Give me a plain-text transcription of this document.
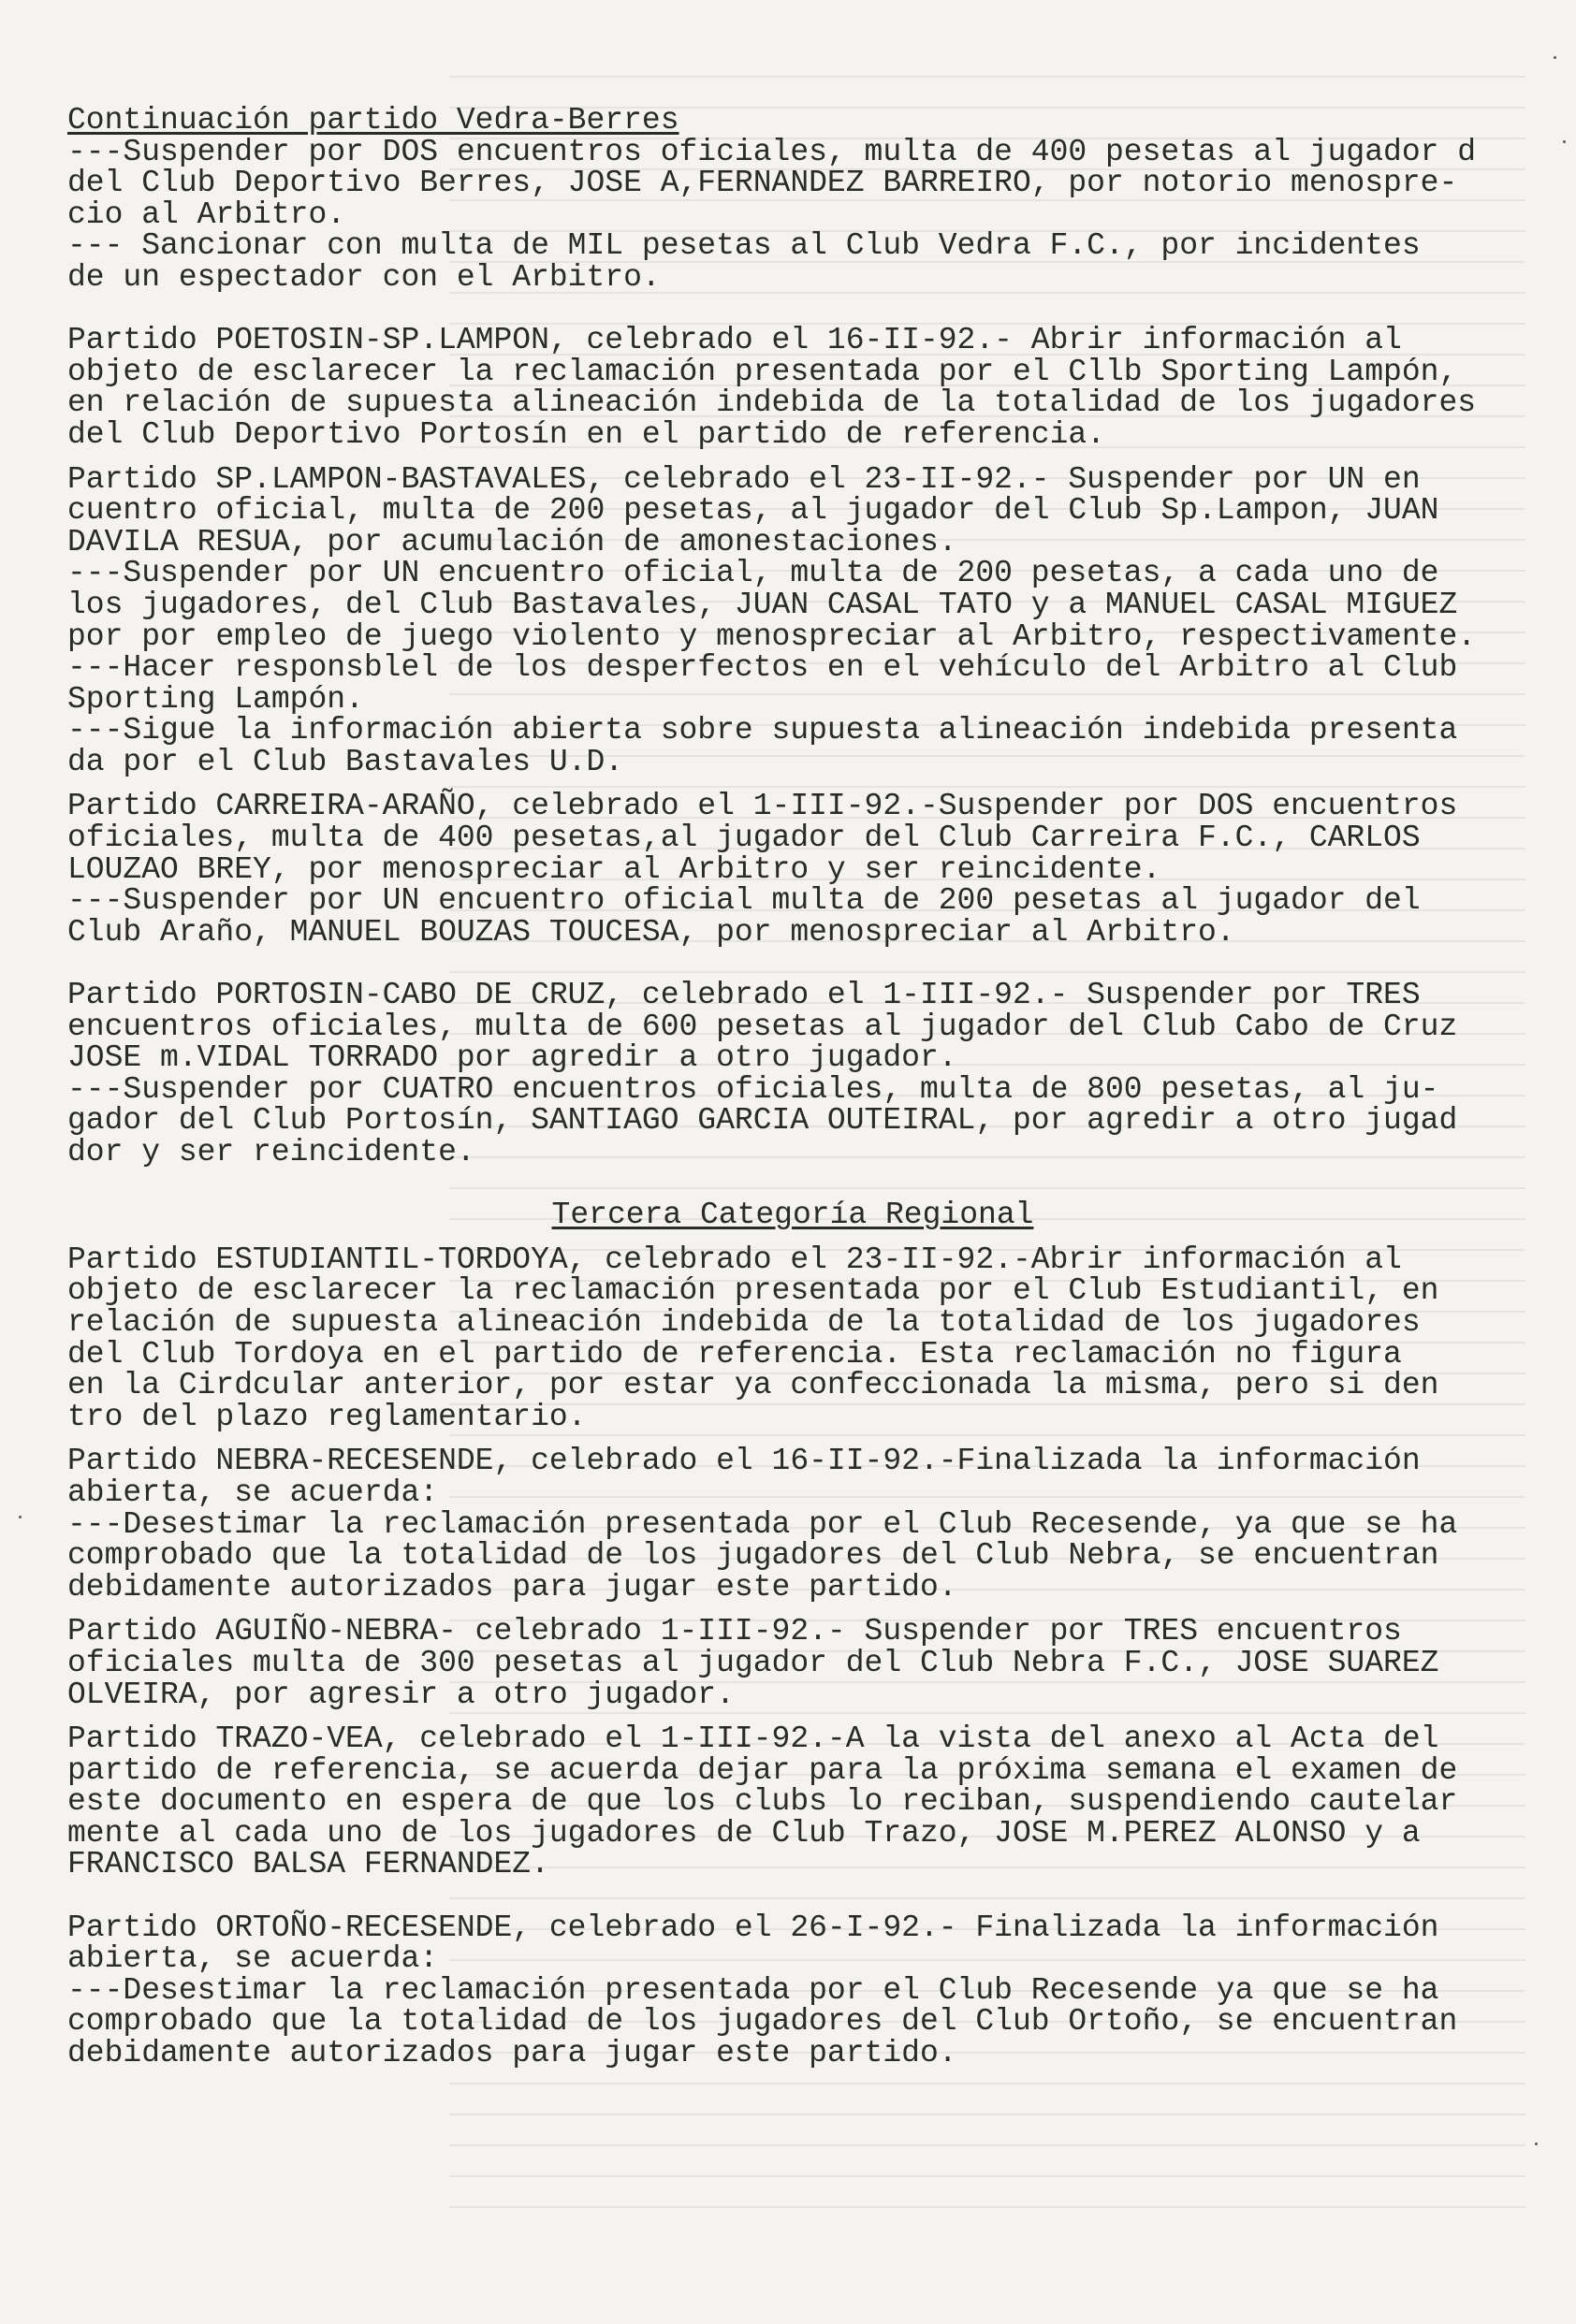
Continuación partido Vedra-Berres
---Suspender por DOS encuentros oficiales, multa de 400 pesetas al jugador d
del Club Deportivo Berres, JOSE A,FERNANDEZ BARREIRO, por notorio menospre-
cio al Arbitro.
--- Sancionar con multa de MIL pesetas al Club Vedra F.C., por incidentes
de un espectador con el Arbitro.
Partido POETOSIN-SP.LAMPON, celebrado el 16-II-92.- Abrir información al
objeto de esclarecer la reclamación presentada por el Cllb Sporting Lampón,
en relación de supuesta alineación indebida de la totalidad de los jugadores
del Club Deportivo Portosín en el partido de referencia.
Partido SP.LAMPON-BASTAVALES, celebrado el 23-II-92.- Suspender por UN en
cuentro oficial, multa de 200 pesetas, al jugador del Club Sp.Lampon, JUAN
DAVILA RESUA, por acumulación de amonestaciones.
---Suspender por UN encuentro oficial, multa de 200 pesetas, a cada uno de
los jugadores, del Club Bastavales, JUAN CASAL TATO y a MANUEL CASAL MIGUEZ
por por empleo de juego violento y menospreciar al Arbitro, respectivamente.
---Hacer responsblel de los desperfectos en el vehículo del Arbitro al Club
Sporting Lampón.
---Sigue la información abierta sobre supuesta alineación indebida presenta
da por el Club Bastavales U.D.
Partido CARREIRA-ARAÑO, celebrado el 1-III-92.-Suspender por DOS encuentros
oficiales, multa de 400 pesetas,al jugador del Club Carreira F.C., CARLOS
LOUZAO BREY, por menospreciar al Arbitro y ser reincidente.
---Suspender por UN encuentro oficial multa de 200 pesetas al jugador del
Club Araño, MANUEL BOUZAS TOUCESA, por menospreciar al Arbitro.
Partido PORTOSIN-CABO DE CRUZ, celebrado el 1-III-92.- Suspender por TRES
encuentros oficiales, multa de 600 pesetas al jugador del Club Cabo de Cruz
JOSE m.VIDAL TORRADO por agredir a otro jugador.
---Suspender por CUATRO encuentros oficiales, multa de 800 pesetas, al ju-
gador del Club Portosín, SANTIAGO GARCIA OUTEIRAL, por agredir a otro jugad
dor y ser reincidente.
Tercera Categoría Regional
Partido ESTUDIANTIL-TORDOYA, celebrado el 23-II-92.-Abrir información al
objeto de esclarecer la reclamación presentada por el Club Estudiantil, en
relación de supuesta alineación indebida de la totalidad de los jugadores
del Club Tordoya en el partido de referencia. Esta reclamación no figura
en la Cirdcular anterior, por estar ya confeccionada la misma, pero si den
tro del plazo reglamentario.
Partido NEBRA-RECESENDE, celebrado el 16-II-92.-Finalizada la información
abierta, se acuerda:
---Desestimar la reclamación presentada por el Club Recesende, ya que se ha
comprobado que la totalidad de los jugadores del Club Nebra, se encuentran
debidamente autorizados para jugar este partido.
Partido AGUIÑO-NEBRA- celebrado 1-III-92.- Suspender por TRES encuentros
oficiales multa de 300 pesetas al jugador del Club Nebra F.C., JOSE SUAREZ
OLVEIRA, por agresir a otro jugador.
Partido TRAZO-VEA, celebrado el 1-III-92.-A la vista del anexo al Acta del
partido de referencia, se acuerda dejar para la próxima semana el examen de
este documento en espera de que los clubs lo reciban, suspendiendo cautelar
mente al cada uno de los jugadores de Club Trazo, JOSE M.PEREZ ALONSO y a
FRANCISCO BALSA FERNANDEZ.
Partido ORTOÑO-RECESENDE, celebrado el 26-I-92.- Finalizada la información
abierta, se acuerda:
---Desestimar la reclamación presentada por el Club Recesende ya que se ha
comprobado que la totalidad de los jugadores del Club Ortoño, se encuentran
debidamente autorizados para jugar este partido.
